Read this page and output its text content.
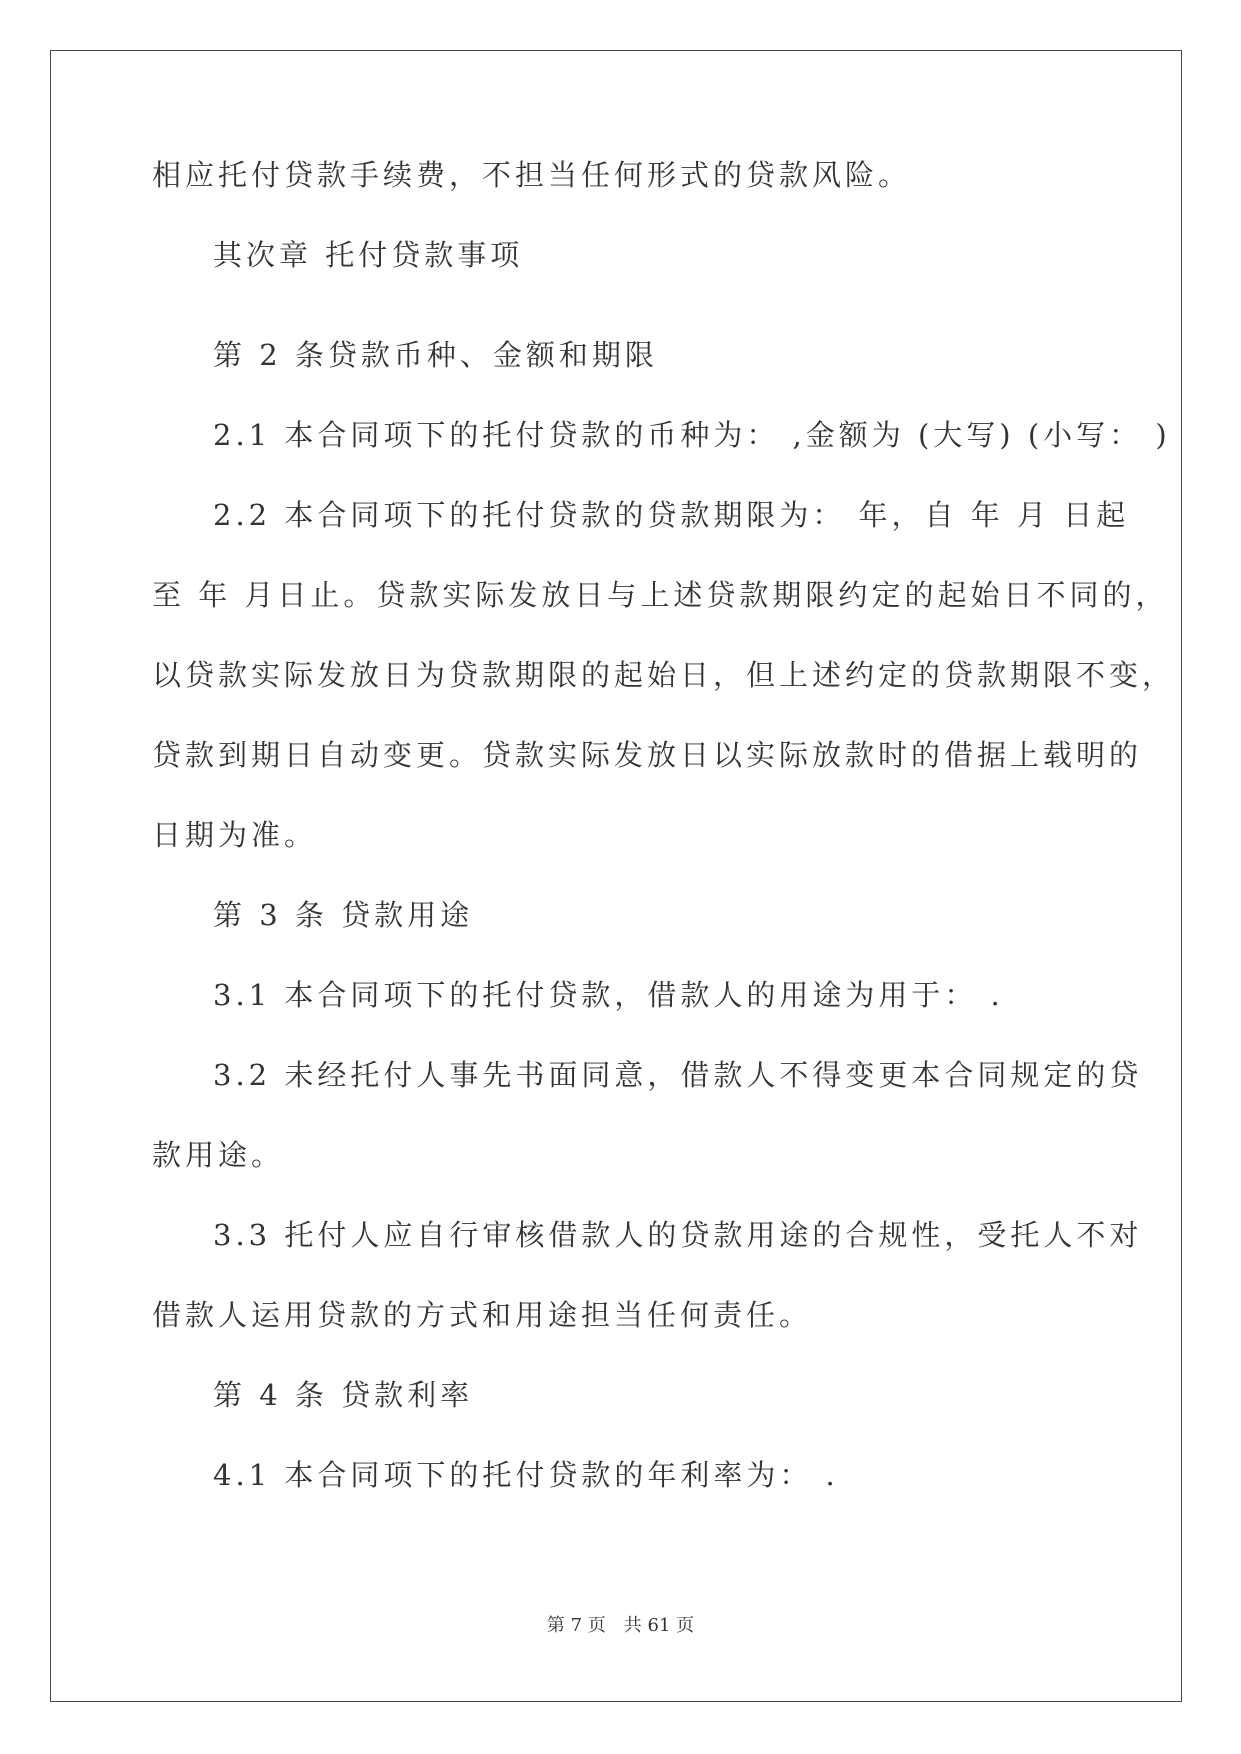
相应托付贷款手续费，不担当任何形式的贷款风险。
其次章 托付贷款事项
第 2 条贷款币种、金额和期限
2.1 本合同项下的托付贷款的币种为： ,金额为 (大写) (小写： )
2.2 本合同项下的托付贷款的贷款期限为： 年，自 年 月 日起
至 年 月日止。贷款实际发放日与上述贷款期限约定的起始日不同的，
以贷款实际发放日为贷款期限的起始日，但上述约定的贷款期限不变，
贷款到期日自动变更。贷款实际发放日以实际放款时的借据上载明的
日期为准。
第 3 条 贷款用途
3.1 本合同项下的托付贷款，借款人的用途为用于： .
3.2 未经托付人事先书面同意，借款人不得变更本合同规定的贷
款用途。
3.3 托付人应自行审核借款人的贷款用途的合规性，受托人不对
借款人运用贷款的方式和用途担当任何责任。
第 4 条 贷款利率
4.1 本合同项下的托付贷款的年利率为： .
第 7 页　共 61 页
